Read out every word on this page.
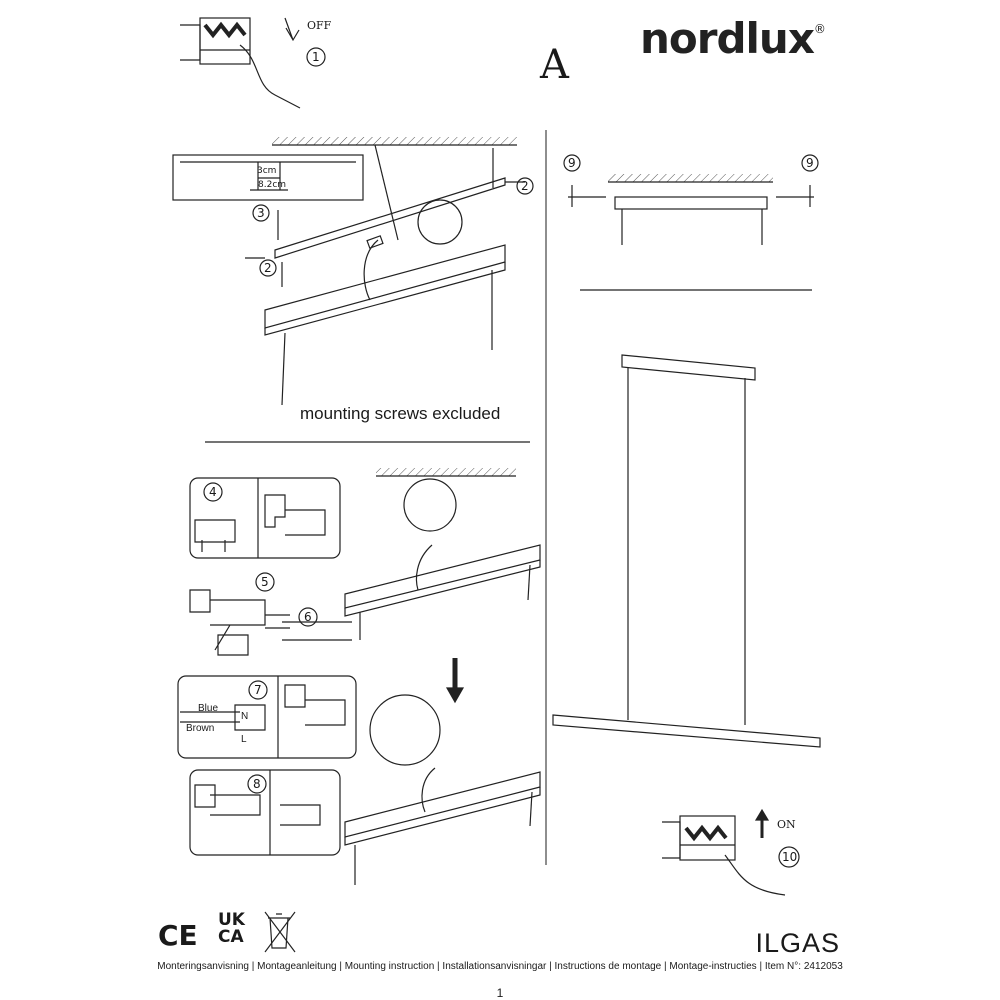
nordlux®
A
OFF
1
3cm
8.2cm	2
2
3
4
5
6
7
8
9	9
mounting screws excluded
Blue
Brown
N
L
ON
10
CE UK
CA	ILGAS
Monteringsanvisning | Montageanleitung | Mounting instruction | Installationsanvisningar | Instructions de montage | Montage-instructies | Item N°: 2412053
1
